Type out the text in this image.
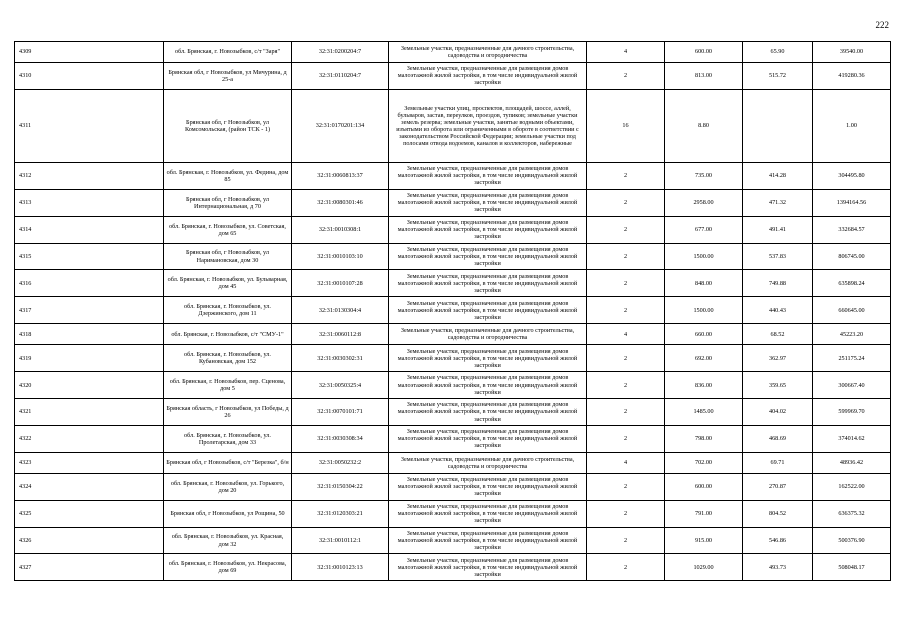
222
4309	обл. Брянская, г. Новозыбков, с/т "Заря"	32:31:0200204:7	Земельные участки, предназначенные для дачного строительства, садоводства и огородничества	4	600.00	65.90	39540.00
4310	Брянская обл, г Новозыбков, ул Мичурина, д 25-а	32:31:0110204:7	Земельные участки, предназначенные для размещения домов малоэтажной жилой застройки, в том числе индивидуальной жилой застройки	2	813.00	515.72	419280.36
4311	Брянская обл, г Новозыбков, ул Комсомольская, (район ТСК - 1)	32:31:0170201:134	Земельные участки улиц, проспектов, площадей, шоссе, аллей, бульваров, застав, переулков, проездов, тупиков; земельные участки земель резерва; земельные участки, занятые водными объектами, изъятыми из оборота или ограниченными в обороте в соответствии с законодательством Российской Федерации; земельные участки под полосами отвода водоемов, каналов и коллекторов, набережные	16	8.80		1.00
4312	обл. Брянская, г. Новозыбков, ул. Федина, дом 85	32:31:0060813:37	Земельные участки, предназначенные для размещения домов малоэтажной жилой застройки, в том числе индивидуальной жилой застройки	2	735.00	414.28	304495.80
4313	Брянская обл, г Новозыбков, ул Интернациональная, д 70	32:31:0080301:46	Земельные участки, предназначенные для размещения домов малоэтажной жилой застройки, в том числе индивидуальной жилой застройки	2	2958.00	471.32	1394164.56
4314	обл. Брянская, г. Новозыбков, ул. Советская, дом 65	32:31:0010308:1	Земельные участки, предназначенные для размещения домов малоэтажной жилой застройки, в том числе индивидуальной жилой застройки	2	677.00	491.41	332684.57
4315	Брянская обл, г Новозыбков, ул Наримановская, дом 30	32:31:0010103:10	Земельные участки, предназначенные для размещения домов малоэтажной жилой застройки, в том числе индивидуальной жилой застройки	2	1500.00	537.83	806745.00
4316	обл. Брянская, г. Новозыбков, ул. Бульварная, дом 45	32:31:0010107:28	Земельные участки, предназначенные для размещения домов малоэтажной жилой застройки, в том числе индивидуальной жилой застройки	2	848.00	749.88	635898.24
4317	обл. Брянская, г. Новозыбков, ул. Дзержинского, дом 11	32:31:0130304:4	Земельные участки, предназначенные для размещения домов малоэтажной жилой застройки, в том числе индивидуальной жилой застройки	2	1500.00	440.43	660645.00
4318	обл. Брянская, г. Новозыбков, с/т "СМУ-1"	32:31:0060112:8	Земельные участки, предназначенные для дачного строительства, садоводства и огородничества	4	660.00	68.52	45223.20
4319	обл. Брянская, г. Новозыбков, ул. Кубановская, дом 152	32:31:0030302:31	Земельные участки, предназначенные для размещения домов малоэтажной жилой застройки, в том числе индивидуальной жилой застройки	2	692.00	362.97	251175.24
4320	обл. Брянская, г. Новозыбков, пер. Сценова, дом 5	32:31:0050325:4	Земельные участки, предназначенные для размещения домов малоэтажной жилой застройки, в том числе индивидуальной жилой застройки	2	836.00	359.65	300667.40
4321	Брянская область, г Новозыбков, ул Победы, д 26	32:31:0070101:71	Земельные участки, предназначенные для размещения домов малоэтажной жилой застройки, в том числе индивидуальной жилой застройки	2	1485.00	404.02	599969.70
4322	обл. Брянская, г. Новозыбков, ул. Пролетарская, дом 33	32:31:0030308:34	Земельные участки, предназначенные для размещения домов малоэтажной жилой застройки, в том числе индивидуальной жилой застройки	2	798.00	468.69	374014.62
4323	Брянская обл, г Новозыбков, с/т "Березка", б/н	32:31:0050232:2	Земельные участки, предназначенные для дачного строительства, садоводства и огородничества	4	702.00	69.71	48936.42
4324	обл. Брянская, г. Новозыбков, ул. Горького, дом 20	32:31:0150304:22	Земельные участки, предназначенные для размещения домов малоэтажной жилой застройки, в том числе индивидуальной жилой застройки	2	600.00	270.87	162522.00
4325	Брянская обл, г Новозыбков, ул Рощина, 50	32:31:0120303:21	Земельные участки, предназначенные для размещения домов малоэтажной жилой застройки, в том числе индивидуальной жилой застройки	2	791.00	804.52	636375.32
4326	обл. Брянская, г. Новозыбков, ул. Красная, дом 32	32:31:0010112:1	Земельные участки, предназначенные для размещения домов малоэтажной жилой застройки, в том числе индивидуальной жилой застройки	2	915.00	546.86	500376.90
4327	обл. Брянская, г. Новозыбков, ул. Некрасова, дом 69	32:31:0010123:13	Земельные участки, предназначенные для размещения домов малоэтажной жилой застройки, в том числе индивидуальной жилой застройки	2	1029.00	493.73	508048.17
